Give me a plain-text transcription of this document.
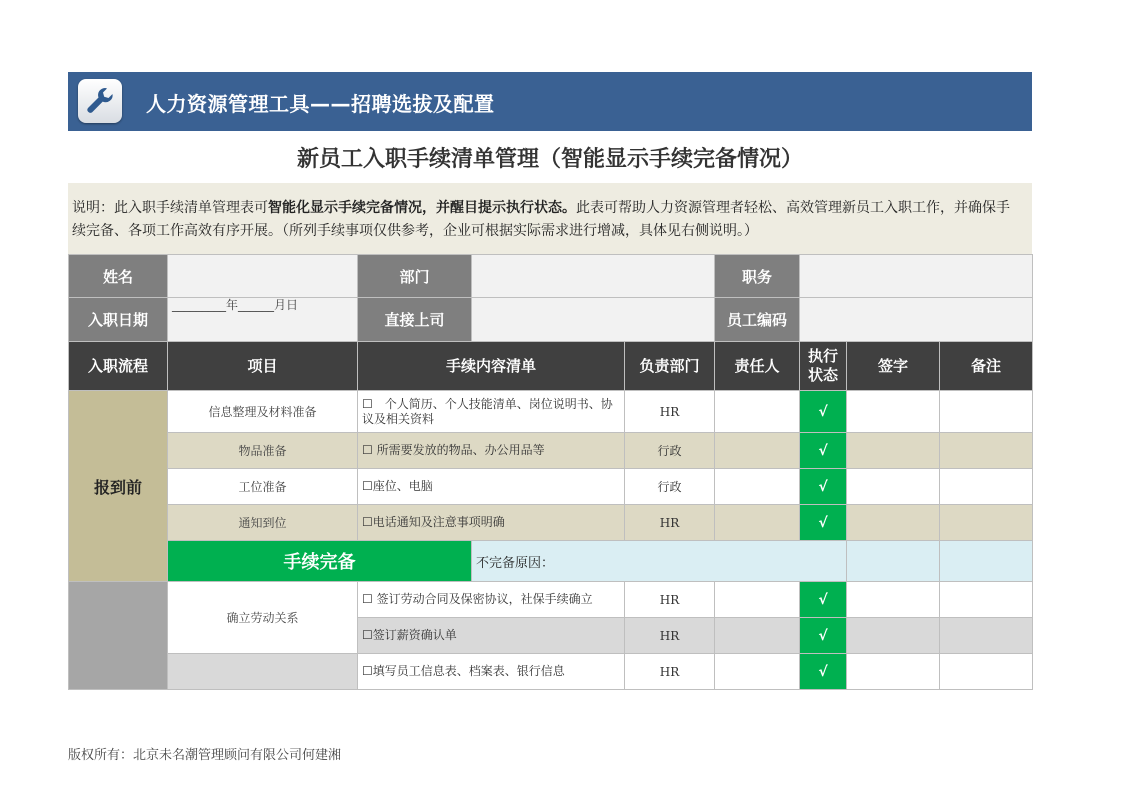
人力资源管理工具——招聘选拔及配置
新员工入职手续清单管理（智能显示手续完备情况）
说明：此入职手续清单管理表可智能化显示手续完备情况，并醒目提示执行状态。此表可帮助人力资源管理者轻松、高效管理新员工入职工作，并确保手续完备、各项工作高效有序开展。（所列手续事项仅供参考，企业可根据实际需求进行增减，具体见右侧说明。）
姓名		部门			职务			
入职日期	_________年______月日	直接上司			员工编码			
入职流程	项目	手续内容清单		负责部门	责任人	执行状态	签字	备注
报到前	信息整理及材料准备	☐　个人简历、个人技能清单、岗位说明书、协议及相关资料		HR		√		
	物品准备	☐ 所需要发放的物品、办公用品等		行政		√		
	工位准备	☐座位、电脑		行政		√		
	通知到位	☐电话通知及注意事项明确		HR		√		
	手续完备		不完备原因：					
	确立劳动关系	☐ 签订劳动合同及保密协议，社保手续确立		HR		√		
		☐签订薪资确认单		HR		√		
		☐填写员工信息表、档案表、银行信息		HR		√		
版权所有：北京未名潮管理顾问有限公司何建湘
